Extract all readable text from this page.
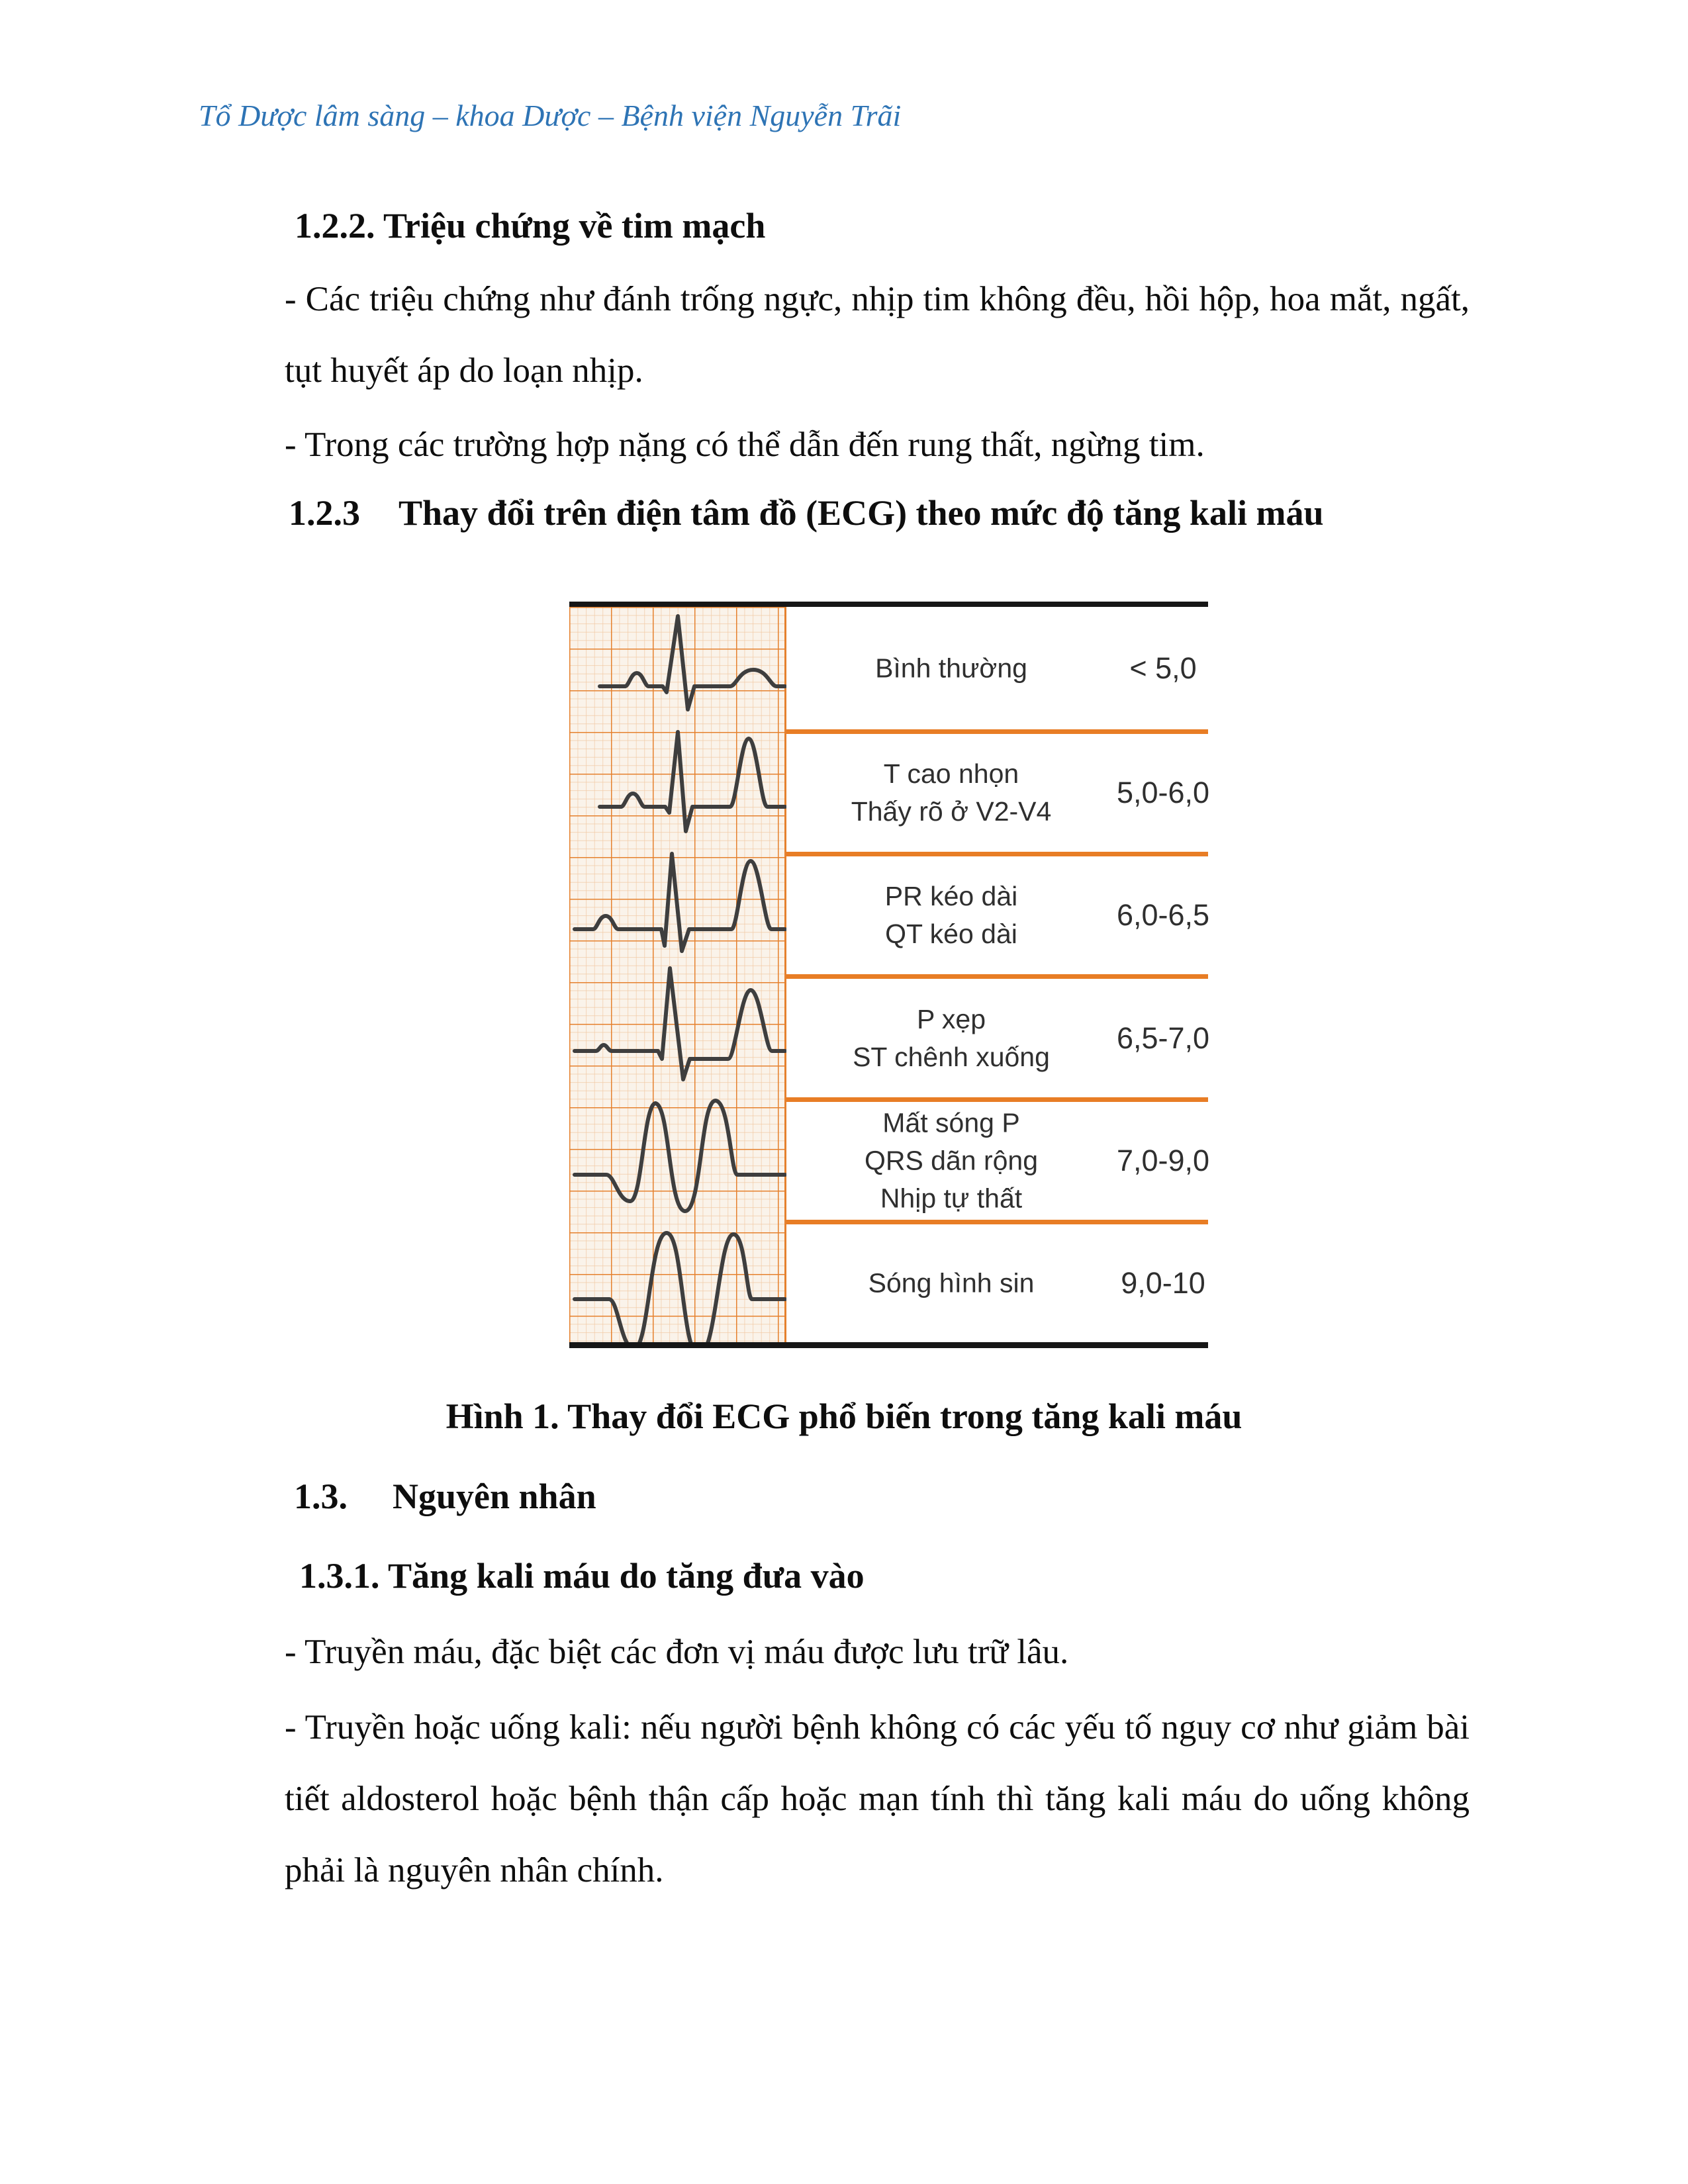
Tổ Dược lâm sàng – khoa Dược – Bệnh viện Nguyễn Trãi
1.2.2. Triệu chứng về tim mạch
- Các triệu chứng như đánh trống ngực, nhịp tim không đều, hồi hộp, hoa mắt, ngất, tụt huyết áp do loạn nhịp.
- Trong các trường hợp nặng có thể dẫn đến rung thất, ngừng tim.
1.2.3 Thay đổi trên điện tâm đồ (ECG) theo mức độ tăng kali máu
Bình thường	< 5,0
T cao nhọn
Thấy rõ ở V2-V4
5,0-6,0
PR kéo dài
QT kéo dài
6,0-6,5
P xẹp
ST chênh xuống
6,5-7,0
Mất sóng P
QRS dãn rộng
Nhịp tự thất
7,0-9,0
Sóng hình sin	9,0-10
Hình 1. Thay đổi ECG phổ biến trong tăng kali máu
1.3. Nguyên nhân
1.3.1. Tăng kali máu do tăng đưa vào
- Truyền máu, đặc biệt các đơn vị máu được lưu trữ lâu.
- Truyền hoặc uống kali: nếu người bệnh không có các yếu tố nguy cơ như giảm bài tiết aldosterol hoặc bệnh thận cấp hoặc mạn tính thì tăng kali máu do uống không phải là nguyên nhân chính.
